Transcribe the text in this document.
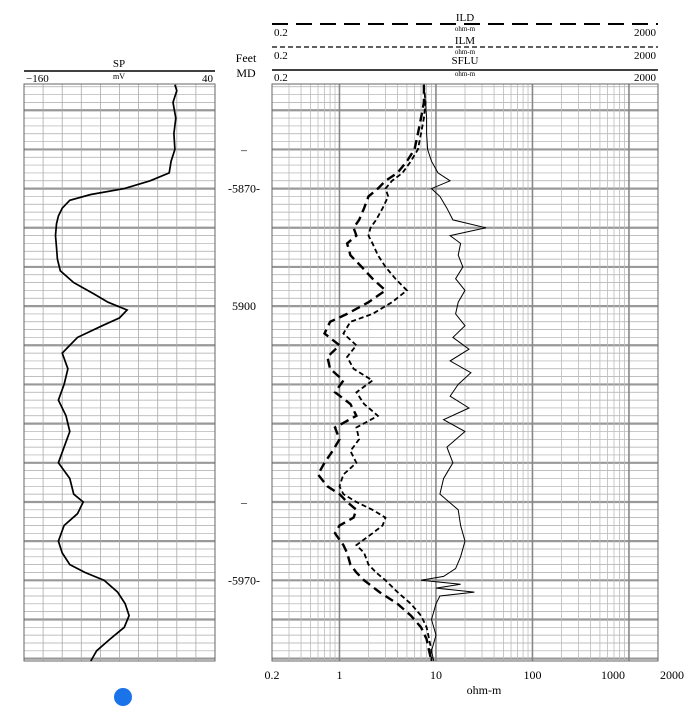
SP
mV
−160	40
Feet
MD
–
-5870-
5900
–
-5970-
ILD
ohm-m
0.2	2000
ILM
ohm-m
0.2	2000
SFLU
ohm-m
0.2	2000
0.2	1	10	100	1000	2000
ohm-m
